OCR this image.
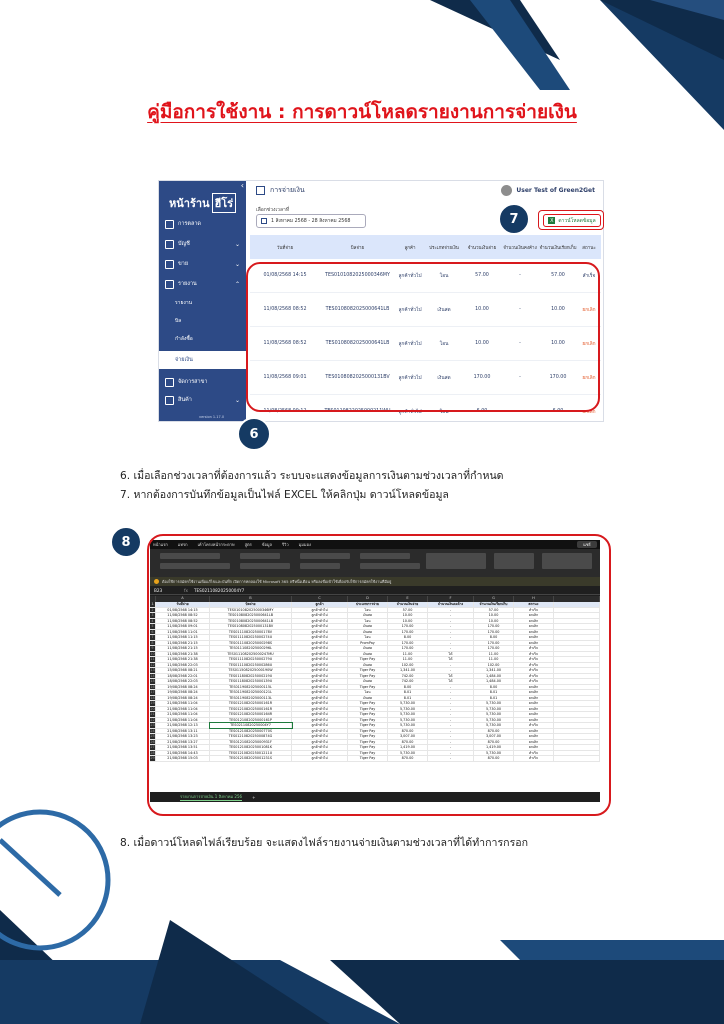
คู่มือการใช้งาน : การดาวน์โหลดรายงานการจ่ายเงิน
‹
หน้าร้าน ฮีโร่
การตลาด
บัญชี	⌄
ขาย	⌄
รายงาน	⌃
รายงาน
บิล
กำลังซื้อ
จ่ายเงิน
จัดการสาขา
สินค้า	⌄
version 1.17.0
การจ่ายเงิน	User Test of Green2Get
เลือกช่วงเวลาที่
1 สิงหาคม 2568 - 28 สิงหาคม 2568	X ดาวน์โหลดข้อมูล
วันที่จ่าย	บิลจ่าย	ลูกค้า	ประเภทจ่ายเงิน	จำนวนเงินจ่าย	จำนวนเงินคงค้าง จำนวนเงินเรียกเก็บ	สถานะ
01/08/2568 14:15	TES0101082025000346MY	ลูกค้าทั่วไป	โอน	57.00	-	57.00	สำเร็จ
11/08/2568 08:52	TES0108082025000641LB	ลูกค้าทั่วไป	เงินสด	10.00	-	10.00	ยกเลิก
11/08/2568 08:52	TES0108082025000641LB	ลูกค้าทั่วไป	โอน	10.00	-	10.00	ยกเลิก
11/08/2568 09:01	TES0108082025000131BV	ลูกค้าทั่วไป	เงินสด	170.00	-	170.00	ยกเลิก
11/08/2568 09:12	TES0110822025000211WU	ลูกค้าทั่วไป	โอน	6.00	-	6.00	ยกเลิก
7
6
6. เมื่อเลือกช่วงเวลาที่ต้องการแล้ว ระบบจะแสดงข้อมูลการเงินตามช่วงเวลาที่กำหนด
7. หากต้องการบันทึกข้อมูลเป็นไฟล์ EXCEL ให้คลิกปุ่ม ดาวน์โหลดข้อมูล
หน้าแรก	แทรก	เค้าโครงหน้ากระดาษ	สูตร	ข้อมูล	รีวิว	มุมมอง	แชร์
ต้องใช้การสมัครใช้งานเพื่อแก้ไขและบันทึก เปิดการทดลองใช้ Microsoft 365 ฟรีหนึ่งเดือน หรือลงชื่อเข้าใช้เพื่อปรับใช้การสมัครใช้งานที่มีอยู่
B23	fx TES02110820250004Y7
A	B	C	D	E	F	G	H
1	วันที่จ่าย	บิลจ่าย	ลูกค้า	ประเภทการจ่าย	จำนวนเงินจ่าย	จำนวนเงินคงค้าง	จำนวนเงินเรียกเก็บ	สถานะ
2	01/08/2568 14:15	TES0101082025000346MY	ลูกค้าทั่วไป	โอน	57.00	-	57.00	สำเร็จ
3	11/08/2568 08:52	TES0108082025000641LB	ลูกค้าทั่วไป	เงินสด	10.00	-	10.00	ยกเลิก
4	11/08/2568 08:52	TES0108082025000641LB	ลูกค้าทั่วไป	โอน	10.00	-	10.00	ยกเลิก
5	11/08/2568 09:01	TES0108082025000131BV	ลูกค้าทั่วไป	เงินสด	170.00	-	170.00	ยกเลิก
6	11/08/2568 11:01	TES0111082025000178V	ลูกค้าทั่วไป	เงินสด	170.00	-	170.00	ยกเลิก
7	11/08/2568 11:15	TES0111082025000274U	ลูกค้าทั่วไป	โอน	8.00	-	8.00	ยกเลิก
8	11/08/2568 21:15	TES0111082025000298S	ลูกค้าทั่วไป	PromPay	170.00	-	170.00	ยกเลิก
9	11/08/2568 21:15	TES0111082025000296L	ลูกค้าทั่วไป	เงินสด	170.00	-	170.00	สำเร็จ
10	11/08/2568 21:38	TES0111082025000247MU	ลูกค้าทั่วไป	เงินสด	11.00	ได้	11.00	สำเร็จ
11	11/08/2568 21:38	TES0111082025000279U	ลูกค้าทั่วไป	Tiger Pay	11.00	ได้	11.00	สำเร็จ
12	11/08/2568 22:03	TES0111082025000286U	ลูกค้าทั่วไป	เงินสด	102.00	-	102.00	สำเร็จ
13	15/08/2568 08:21	TES0115082025000190W	ลูกค้าทั่วไป	Tiger Pay	1,341.00	-	1,341.00	สำเร็จ
14	18/08/2568 22:01	TES0118082025000219U	ลูกค้าทั่วไป	Tiger Pay	742.00	ได้	1,484.00	สำเร็จ
15	18/08/2568 22:03	TES0118082025000139U	ลูกค้าทั่วไป	เงินสด	742.00	ได้	1,484.00	สำเร็จ
16	19/08/2568 08:24	TES0119082025000115L	ลูกค้าทั่วไป	Tiger Pay	8.00	-	8.00	ยกเลิก
17	19/08/2568 08:24	TES0119082025000121L	ลูกค้าทั่วไป	โอน	8.01	-	8.01	ยกเลิก
18	19/08/2568 08:24	TES0119082025000113L	ลูกค้าทั่วไป	เงินสด	8.01	-	8.01	ยกเลิก
19	21/08/2568 11:04	TES0121082025000161R	ลูกค้าทั่วไป	Tiger Pay	5,730.00	-	5,730.00	ยกเลิก
20	21/08/2568 11:04	TES0121082025000161R	ลูกค้าทั่วไป	Tiger Pay	5,730.00	-	5,730.00	ยกเลิก
21	21/08/2568 11:04	TES0121082025000164R	ลูกค้าทั่วไป	Tiger Pay	5,730.00	-	5,730.00	ยกเลิก
22	21/08/2568 11:04	TES0121082025000161P	ลูกค้าทั่วไป	Tiger Pay	5,730.00	-	5,730.00	ยกเลิก
23	21/08/2568 12:13	TES02110820250004Y7	ลูกค้าทั่วไป	Tiger Pay	5,730.00	-	5,730.00	สำเร็จ
24	21/08/2568 13:11	TES0121082025000770S	ลูกค้าทั่วไป	Tiger Pay	870.00	-	870.00	ยกเลิก
25	21/08/2568 13:23	TES0121082025000874G	ลูกค้าทั่วไป	Tiger Pay	3,007.00	-	3,007.00	ยกเลิก
26	21/08/2568 13:27	TES0121082025000931F	ลูกค้าทั่วไป	Tiger Pay	870.00	-	870.00	ยกเลิก
27	21/08/2568 13:51	TES0121082025001081K	ลูกค้าทั่วไป	Tiger Pay	1,419.00	-	1,419.00	ยกเลิก
28	21/08/2568 14:43	TES0121082025001211U	ลูกค้าทั่วไป	Tiger Pay	5,730.00	-	5,730.00	สำเร็จ
29	21/08/2568 15:03	TES0121082025001231S	ลูกค้าทั่วไป	Tiger Pay	870.00	-	870.00	สำเร็จ
รายงานการจ่ายเงิน 1 สิงหาคม 256	+
8
8. เมื่อดาวน์โหลดไฟล์เรียบร้อย จะแสดงไฟล์รายงานจ่ายเงินตามช่วงเวลาที่ได้ทำการกรอก
